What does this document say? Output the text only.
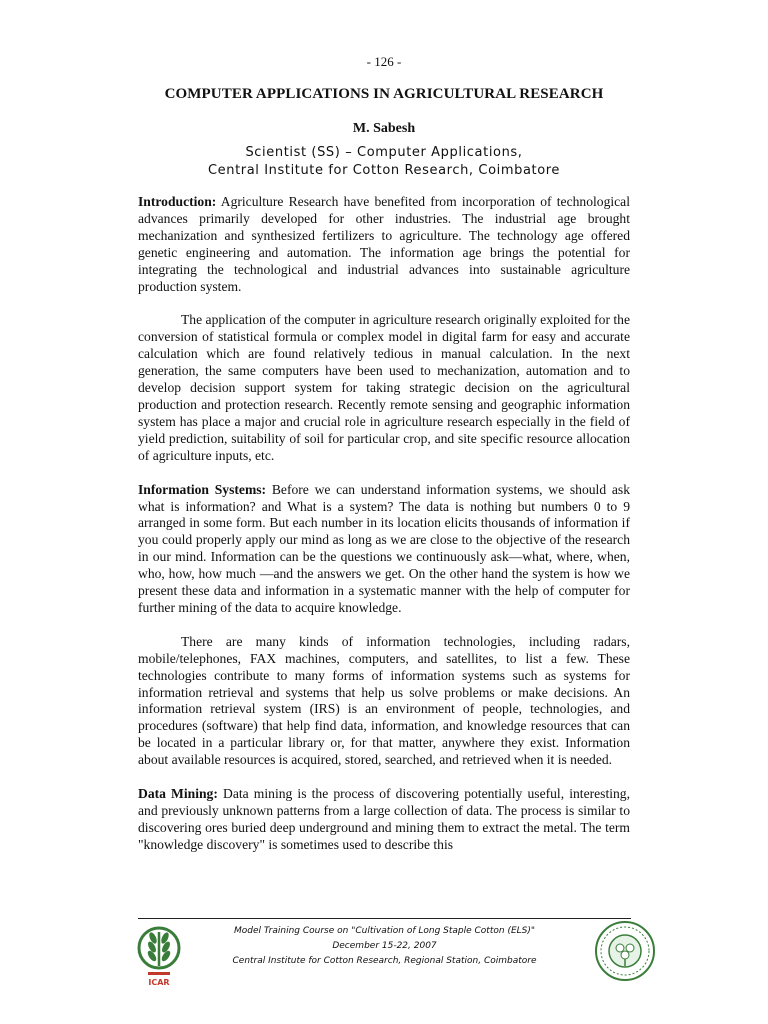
- 126 -
COMPUTER APPLICATIONS IN AGRICULTURAL RESEARCH
M. Sabesh
Scientist (SS) – Computer Applications,
Central Institute for Cotton Research, Coimbatore

Introduction: Agriculture Research have benefited from incorporation of technological advances primarily developed for other industries. The industrial age brought mechanization and synthesized fertilizers to agriculture. The technology age offered genetic engineering and automation. The information age brings the potential for integrating the technological and industrial advances into sustainable agriculture production system.

The application of the computer in agriculture research originally exploited for the conversion of statistical formula or complex model in digital farm for easy and accurate calculation which are found relatively tedious in manual calculation. In the next generation, the same computers have been used to mechanization, automation and to develop decision support system for taking strategic decision on the agricultural production and protection research. Recently remote sensing and geographic information system has place a major and crucial role in agriculture research especially in the field of yield prediction, suitability of soil for particular crop, and site specific resource allocation of agriculture inputs, etc.

Information Systems: Before we can understand information systems, we should ask what is information? and What is a system? The data is nothing but numbers 0 to 9 arranged in some form. But each number in its location elicits thousands of information if you could properly apply our mind as long as we are close to the objective of the research in our mind. Information can be the questions we continuously ask—what, where, when, who, how, how much —and the answers we get. On the other hand the system is how we present these data and information in a systematic manner with the help of computer for further mining of the data to acquire knowledge.

There are many kinds of information technologies, including radars, mobile/telephones, FAX machines, computers, and satellites, to list a few. These technologies contribute to many forms of information systems such as systems for information retrieval and systems that help us solve problems or make decisions. An information retrieval system (IRS) is an environment of people, technologies, and procedures (software) that help find data, information, and knowledge resources that can be located in a particular library or, for that matter, anywhere they exist. Information about available resources is acquired, stored, searched, and retrieved when it is needed.

Data Mining: Data mining is the process of discovering potentially useful, interesting, and previously unknown patterns from a large collection of data. The process is similar to discovering ores buried deep underground and mining them to extract the metal. The term "knowledge discovery" is sometimes used to describe this

ICAR
Model Training Course on "Cultivation of Long Staple Cotton (ELS)"
December 15-22, 2007
Central Institute for Cotton Research, Regional Station, Coimbatore
